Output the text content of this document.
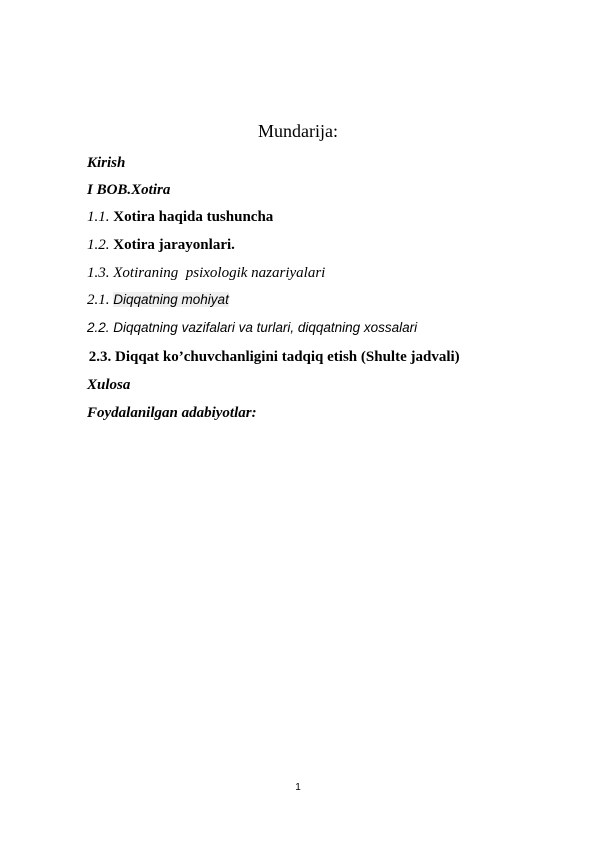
Mundarija:
Kirish
I BOB.Xotira
1.1. Xotira haqida tushuncha
1.2. Xotira jarayonlari.
1.3. Xotiraning  psixologik nazariyalari
2.1. Diqqatning mohiyat
2.2. Diqqatning vazifalari va turlari, diqqatning xossalari
2.3. Diqqat ko’chuvchanligini tadqiq etish (Shulte jadvali)
Xulosa
Foydalanilgan adabiyotlar:
1
